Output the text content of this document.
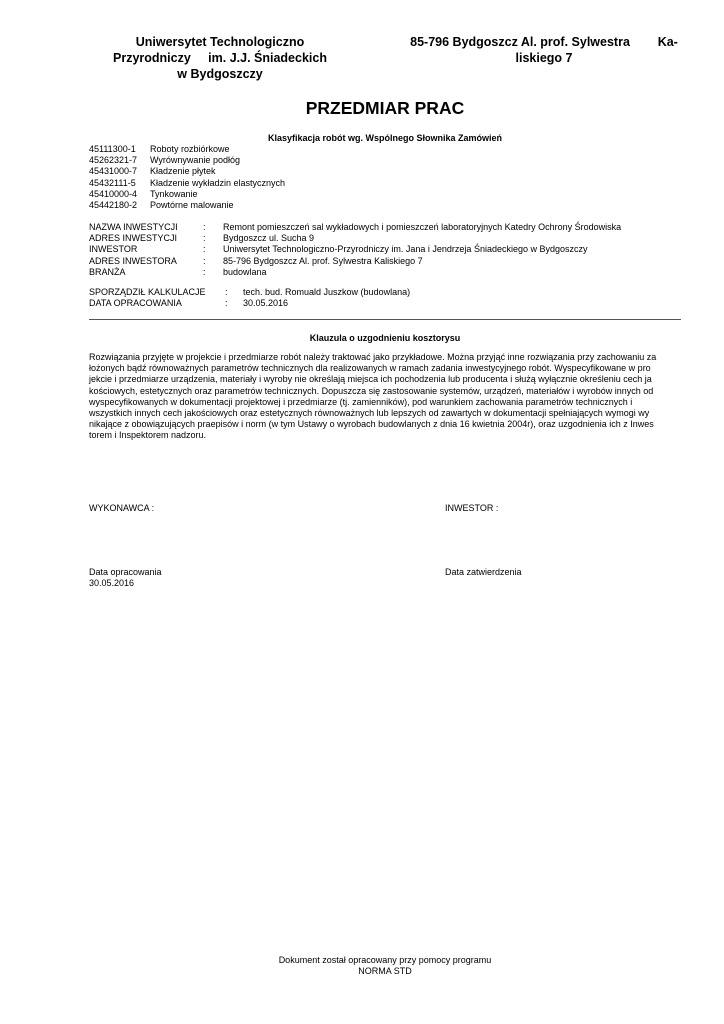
Uniwersytet Technologiczno
Przyrodniczy     im. J.J. Śniadeckich
w Bydgoszczy
85-796 Bydgoszcz Al. prof. Sylwestra        Ka-
liskiego 7
PRZEDMIAR PRAC
Klasyfikacja robót wg. Wspólnego Słownika Zamówień
45111300-1	Roboty rozbiórkowe
45262321-7	Wyrównywanie podłóg
45431000-7	Kładzenie płytek
45432111-5	Kładzenie wykładzin elastycznych
45410000-4	Tynkowanie
45442180-2	Powtórne malowanie
NAZWA INWESTYCJI	:	Remont pomieszczeń sal wykładowych i pomieszczeń laboratoryjnych Katedry Ochrony Środowiska
ADRES INWESTYCJI	:	Bydgoszcz ul. Sucha 9
INWESTOR	:	Uniwersytet Technologiczno-Przyrodniczy im. Jana i Jendrzeja Śniadeckiego w Bydgoszczy
ADRES INWESTORA	:	85-796 Bydgoszcz Al. prof. Sylwestra Kaliskiego 7
BRANŻA	:	budowlana
SPORZĄDZIŁ KALKULACJE	:	tech. bud. Romuald Juszkow (budowlana)
DATA OPRACOWANIA	:	30.05.2016
Klauzula o uzgodnieniu kosztorysu
Rozwiązania przyjęte w projekcie i przedmiarze robót należy traktować jako przykładowe. Można przyjąć inne rozwiązania przy zachowaniu za
łożonych bądź równoważnych parametrów technicznych dla realizowanych w ramach zadania inwestycyjnego robót. Wyspecyfikowane w pro
jekcie i przedmiarze urządzenia, materiały i wyroby nie określają miejsca ich pochodzenia lub producenta i służą wyłącznie określeniu cech ja
kościowych, estetycznych oraz parametrów technicznych. Dopuszcza się zastosowanie systemów, urządzeń, materiałów i wyrobów innych od
wyspecyfikowanych w dokumentacji projektowej i przedmiarze (tj. zamienników), pod warunkiem zachowania parametrów technicznych i
wszystkich innych cech jakościowych oraz estetycznych równoważnych lub lepszych od zawartych w dokumentacji spełniających wymogi wy
nikające z obowiązujących praepisów i norm (w tym Ustawy o wyrobach budowlanych z dnia 16 kwietnia 2004r), oraz uzgodnienia ich z Inwes
torem i Inspektorem nadzoru.
WYKONAWCA :	INWESTOR :
Data opracowania
30.05.2016
Data zatwierdzenia
Dokument został opracowany przy pomocy programu
NORMA STD
